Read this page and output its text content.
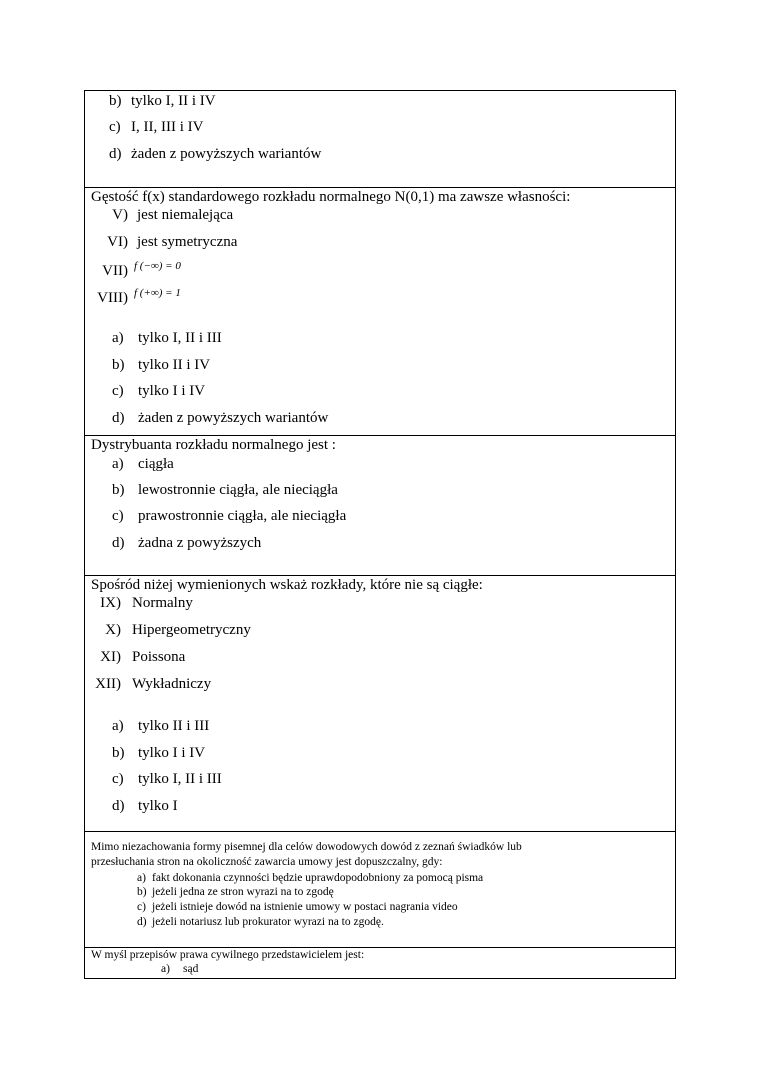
b) tylko I, II i IV
c) I, II, III i IV
d) żaden z powyższych wariantów
Gęstość f(x) standardowego rozkładu normalnego N(0,1) ma zawsze własności:
V) jest niemalejąca
VI) jest symetryczna
VII) $^{f (-\infty) = 0}$
VIII) $^{f (+\infty) = 1}$
a) tylko I, II i III
b) tylko II i IV
c) tylko I i IV
d) żaden z powyższych wariantów
Dystrybuanta rozkładu normalnego jest :
a) ciągła
b) lewostronnie ciągła, ale nieciągła
c) prawostronnie ciągła, ale nieciągła
d) żadna z powyższych
Spośród niżej wymienionych wskaż rozkłady, które nie są ciągłe:
IX) Normalny
X) Hipergeometryczny
XI) Poissona
XII) Wykładniczy
a) tylko II i III
b) tylko I i IV
c) tylko I, II i III
d) tylko I
Mimo niezachowania formy pisemnej dla celów dowodowych dowód z zeznań świadków lub
przesłuchania stron na okoliczność zawarcia umowy jest dopuszczalny, gdy:
a) fakt dokonania czynności będzie uprawdopodobniony za pomocą pisma
b) jeżeli jedna ze stron wyrazi na to zgodę
c) jeżeli istnieje dowód na istnienie umowy w postaci nagrania video
d) jeżeli notariusz lub prokurator wyrazi na to zgodę.
W myśl przepisów prawa cywilnego przedstawicielem jest:
a) sąd
